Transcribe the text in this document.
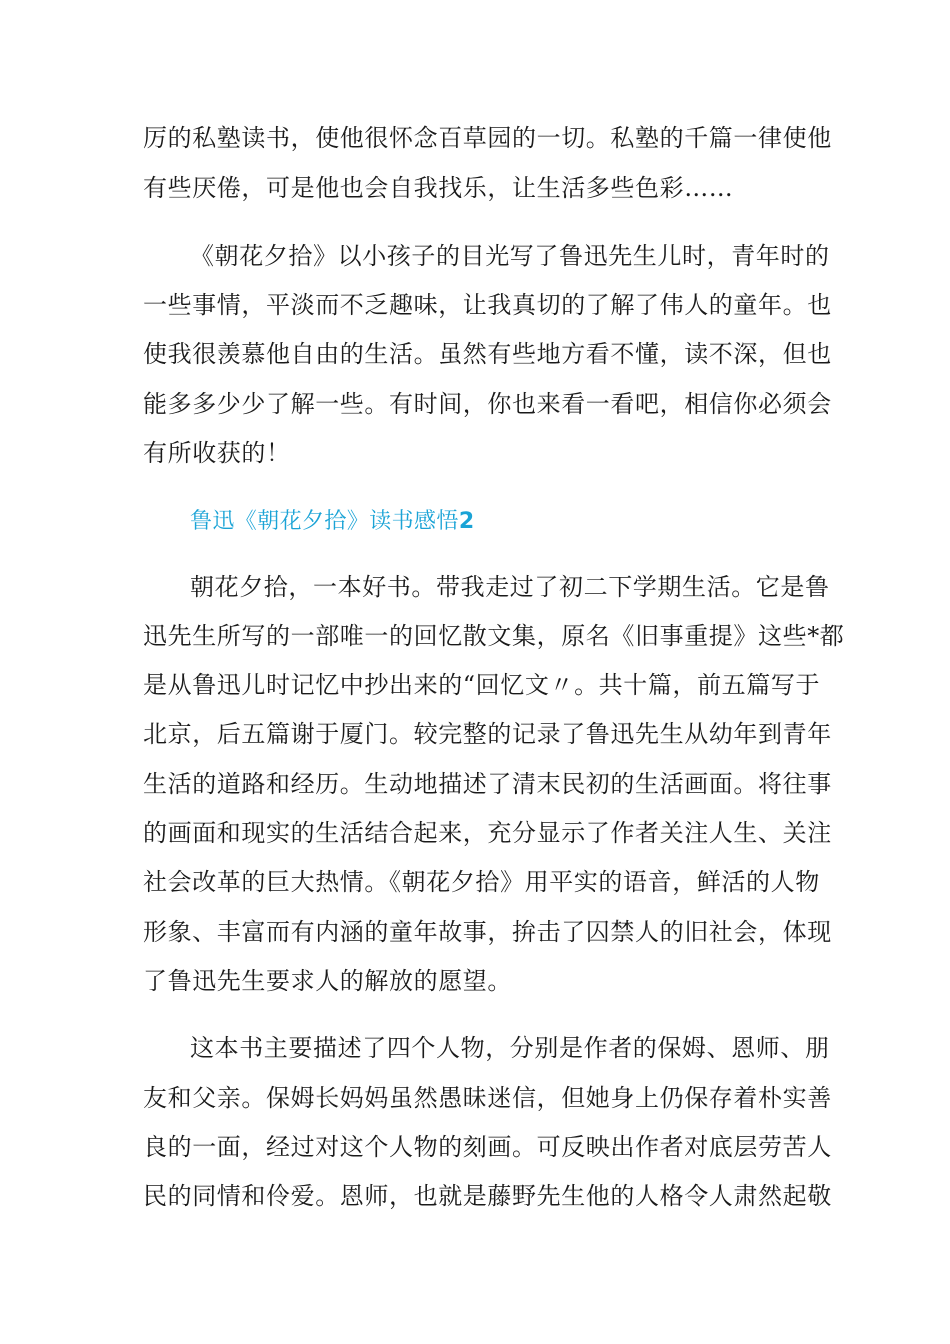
厉的私塾读书，使他很怀念百草园的一切。私塾的千篇一律使他
有些厌倦，可是他也会自我找乐，让生活多些色彩……
《朝花夕拾》以小孩子的目光写了鲁迅先生儿时，青年时的
一些事情，平淡而不乏趣味，让我真切的了解了伟人的童年。也
使我很羡慕他自由的生活。虽然有些地方看不懂，读不深，但也
能多多少少了解一些。有时间，你也来看一看吧，相信你必须会
有所收获的！
鲁迅《朝花夕拾》读书感悟2
朝花夕拾，一本好书。带我走过了初二下学期生活。它是鲁
迅先生所写的一部唯一的回忆散文集，原名《旧事重提》这些*都
是从鲁迅儿时记忆中抄出来的“回忆文〃。共十篇，前五篇写于
北京，后五篇谢于厦门。较完整的记录了鲁迅先生从幼年到青年
生活的道路和经历。生动地描述了清末民初的生活画面。将往事
的画面和现实的生活结合起来，充分显示了作者关注人生、关注
社会改革的巨大热情。《朝花夕拾》用平实的语音，鲜活的人物
形象、丰富而有内涵的童年故事，拚击了囚禁人的旧社会，体现
了鲁迅先生要求人的解放的愿望。
这本书主要描述了四个人物，分别是作者的保姆、恩师、朋
友和父亲。保姆长妈妈虽然愚昧迷信，但她身上仍保存着朴实善
良的一面，经过对这个人物的刻画。可反映出作者对底层劳苦人
民的同情和伶爱。恩师，也就是藤野先生他的人格令人肃然起敬
